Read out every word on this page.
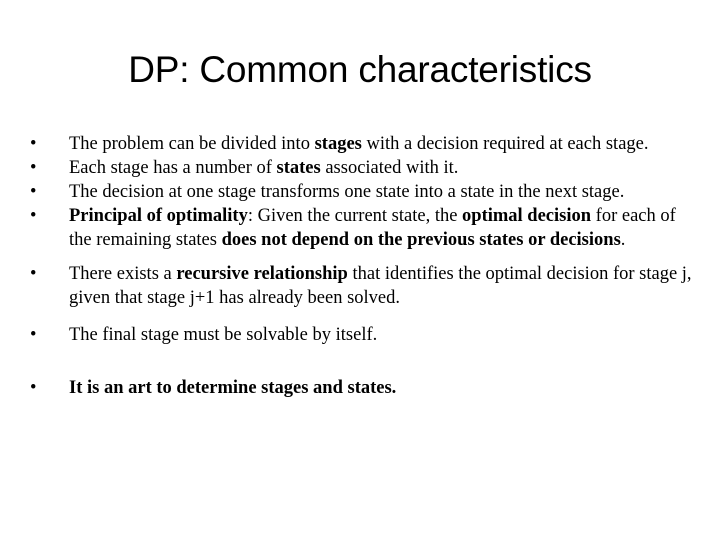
DP: Common characteristics
•	The problem can be divided into stages with a decision required at each stage.
•	Each stage has a number of states associated with it.
•	The decision at one stage transforms one state into a state in the next stage.
•	Principal of optimality: Given the current state, the optimal decision for each of the remaining states does not depend on the previous states or decisions.
•	There exists a recursive relationship that identifies the optimal decision for stage j, given that stage j+1 has already been solved.
•	The final stage must be solvable by itself.
•	It is an art to determine stages and states.
